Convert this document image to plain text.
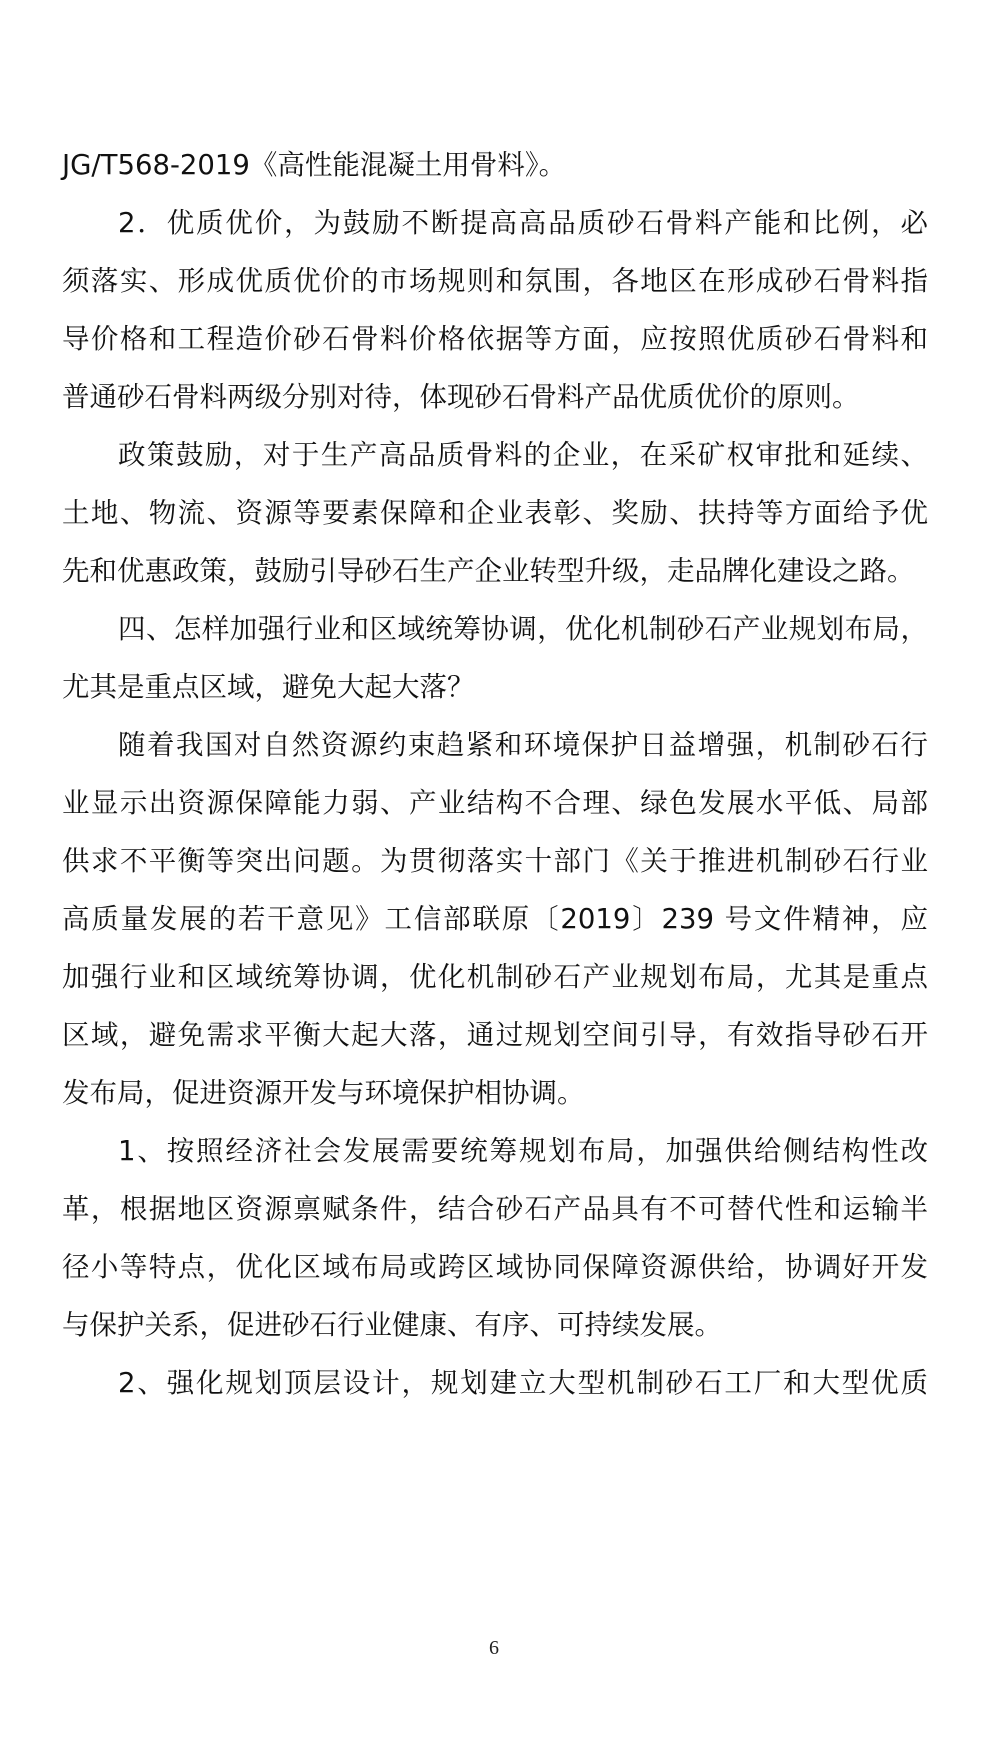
JG/T568-2019《高性能混凝土用骨料》。

2．优质优价，为鼓励不断提高高品质砂石骨料产能和比例，必

须落实、形成优质优价的市场规则和氛围，各地区在形成砂石骨料指

导价格和工程造价砂石骨料价格依据等方面，应按照优质砂石骨料和

普通砂石骨料两级分别对待，体现砂石骨料产品优质优价的原则。

政策鼓励，对于生产高品质骨料的企业，在采矿权审批和延续、

土地、物流、资源等要素保障和企业表彰、奖励、扶持等方面给予优

先和优惠政策，鼓励引导砂石生产企业转型升级，走品牌化建设之路。

四、怎样加强行业和区域统筹协调，优化机制砂石产业规划布局，

尤其是重点区域，避免大起大落？

随着我国对自然资源约束趋紧和环境保护日益增强，机制砂石行

业显示出资源保障能力弱、产业结构不合理、绿色发展水平低、局部

供求不平衡等突出问题。为贯彻落实十部门《关于推进机制砂石行业

高质量发展的若干意见》工信部联原〔2019〕239 号文件精神，应

加强行业和区域统筹协调，优化机制砂石产业规划布局，尤其是重点

区域，避免需求平衡大起大落，通过规划空间引导，有效指导砂石开

发布局，促进资源开发与环境保护相协调。

1、按照经济社会发展需要统筹规划布局，加强供给侧结构性改

革，根据地区资源禀赋条件，结合砂石产品具有不可替代性和运输半

径小等特点，优化区域布局或跨区域协同保障资源供给，协调好开发

与保护关系，促进砂石行业健康、有序、可持续发展。

2、强化规划顶层设计，规划建立大型机制砂石工厂和大型优质

6
